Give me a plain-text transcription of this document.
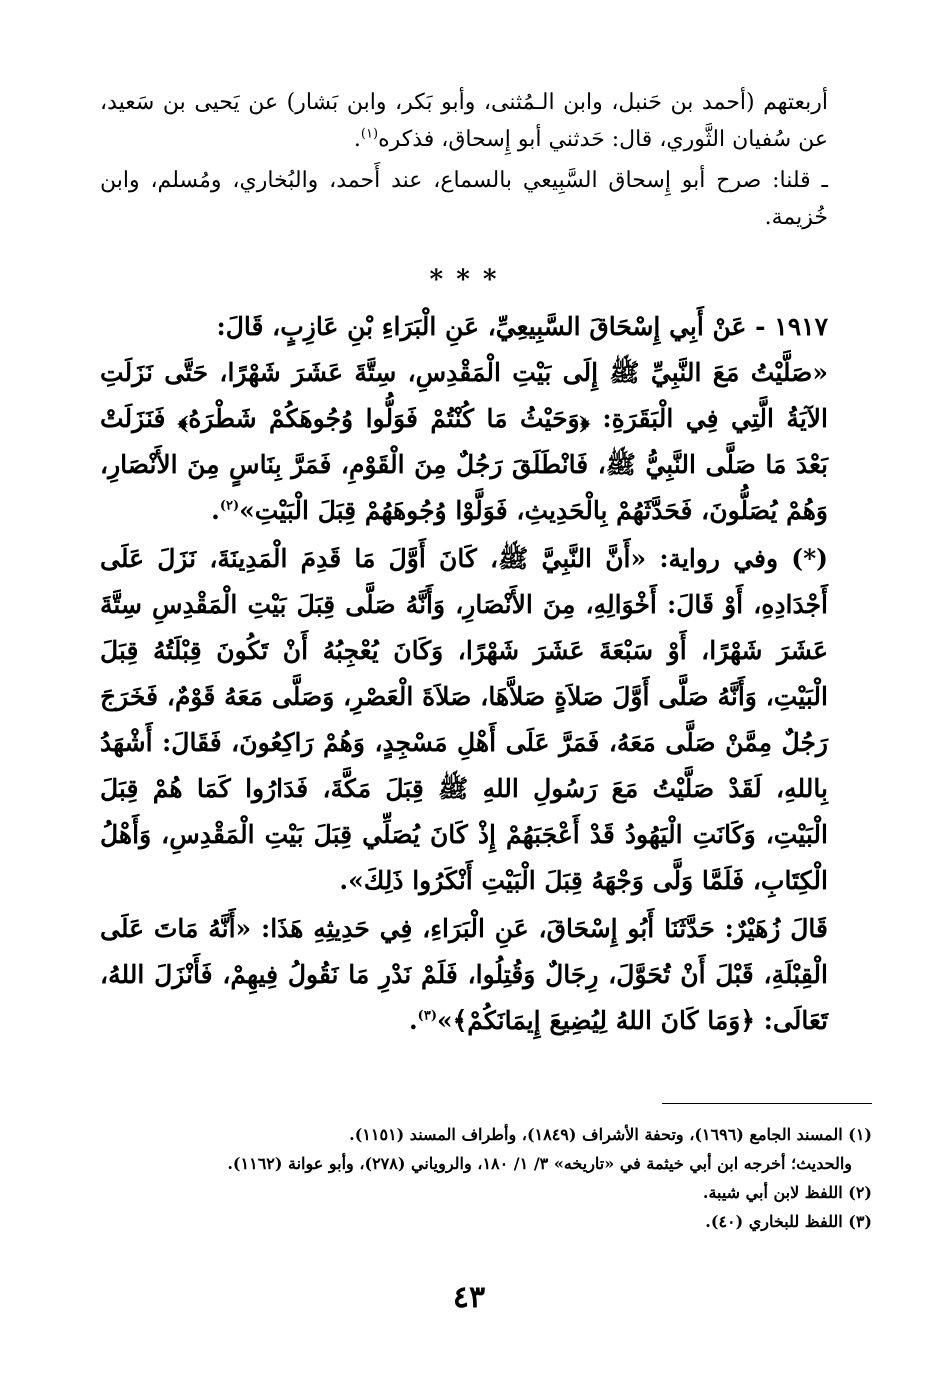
أربعتهم (أحمد بن حَنبل، وابن الـمُثنى، وأبو بَكر، وابن بَشار) عن يَحيى بن سَعيد، عن سُفيان الثَّوري، قال: حَدثني أبو إِسحاق، فذكره$^{(١)}$.

ـ قلنا: صرح أبو إِسحاق السَّبِيعي بالسماع، عند أَحمد، والبُخاري، ومُسلم، وابن خُزيمة.

* * *

١٩١٧ - عَنْ أَبِي إِسْحَاقَ السَّبِيعِيِّ، عَنِ الْبَرَاءِ بْنِ عَازِبٍ، قَالَ:

«صَلَّيْتُ مَعَ النَّبِيِّ ﷺ إِلَى بَيْتِ الْمَقْدِسِ، سِتَّةَ عَشَرَ شَهْرًا، حَتَّى نَزَلَتِ الآيَةُ الَّتِي فِي الْبَقَرَةِ: ﴿وَحَيْثُ مَا كُنْتُمْ فَوَلُّوا وُجُوهَكُمْ شَطْرَهُ﴾ فَنَزَلَتْ بَعْدَ مَا صَلَّى النَّبِيُّ ﷺ، فَانْطَلَقَ رَجُلٌ مِنَ الْقَوْمِ، فَمَرَّ بِنَاسٍ مِنَ الأَنْصَارِ، وَهُمْ يُصَلُّونَ، فَحَدَّثَهُمْ بِالْحَدِيثِ، فَوَلَّوْا وُجُوهَهُمْ قِبَلَ الْبَيْتِ»$^{(٢)}$.

(*) وفي رواية: «أَنَّ النَّبِيَّ ﷺ، كَانَ أَوَّلَ مَا قَدِمَ الْمَدِينَةَ، نَزَلَ عَلَى أَجْدَادِهِ، أَوْ قَالَ: أَخْوَالِهِ، مِنَ الأَنْصَارِ، وَأَنَّهُ صَلَّى قِبَلَ بَيْتِ الْمَقْدِسِ سِتَّةَ عَشَرَ شَهْرًا، أَوْ سَبْعَةَ عَشَرَ شَهْرًا، وَكَانَ يُعْجِبُهُ أَنْ تَكُونَ قِبْلَتُهُ قِبَلَ الْبَيْتِ، وَأَنَّهُ صَلَّى أَوَّلَ صَلاَةٍ صَلاَّهَا، صَلاَةَ الْعَصْرِ، وَصَلَّى مَعَهُ قَوْمٌ، فَخَرَجَ رَجُلٌ مِمَّنْ صَلَّى مَعَهُ، فَمَرَّ عَلَى أَهْلِ مَسْجِدٍ، وَهُمْ رَاكِعُونَ، فَقَالَ: أَشْهَدُ بِاللهِ، لَقَدْ صَلَّيْتُ مَعَ رَسُولِ اللهِ ﷺ قِبَلَ مَكَّةَ، فَدَارُوا كَمَا هُمْ قِبَلَ الْبَيْتِ، وَكَانَتِ الْيَهُودُ قَدْ أَعْجَبَهُمْ إِذْ كَانَ يُصَلِّي قِبَلَ بَيْتِ الْمَقْدِسِ، وَأَهْلُ الْكِتَابِ، فَلَمَّا وَلَّى وَجْهَهُ قِبَلَ الْبَيْتِ أَنْكَرُوا ذَلِكَ».

قَالَ زُهَيْرٌ: حَدَّثَنَا أَبُو إِسْحَاقَ، عَنِ الْبَرَاءِ، فِي حَدِيثِهِ هَذَا: «أَنَّهُ مَاتَ عَلَى الْقِبْلَةِ، قَبْلَ أَنْ تُحَوَّلَ، رِجَالٌ وَقُتِلُوا، فَلَمْ نَدْرِ مَا نَقُولُ فِيهِمْ، فَأَنْزَلَ اللهُ، تَعَالَى: ﴿وَمَا كَانَ اللهُ لِيُضِيعَ إِيمَانَكُمْ﴾»$^{(٣)}$.

(١) المسند الجامع (١٦٩٦)، وتحفة الأشراف (١٨٤٩)، وأطراف المسند (١١٥١).
والحديث؛ أخرجه ابن أبي خيثمة في «تاريخه» ٣/ ١/ ١٨٠، والروياني (٢٧٨)، وأبو عوانة (١١٦٢).
(٢) اللفظ لابن أبي شيبة.
(٣) اللفظ للبخاري (٤٠).
٤٣
